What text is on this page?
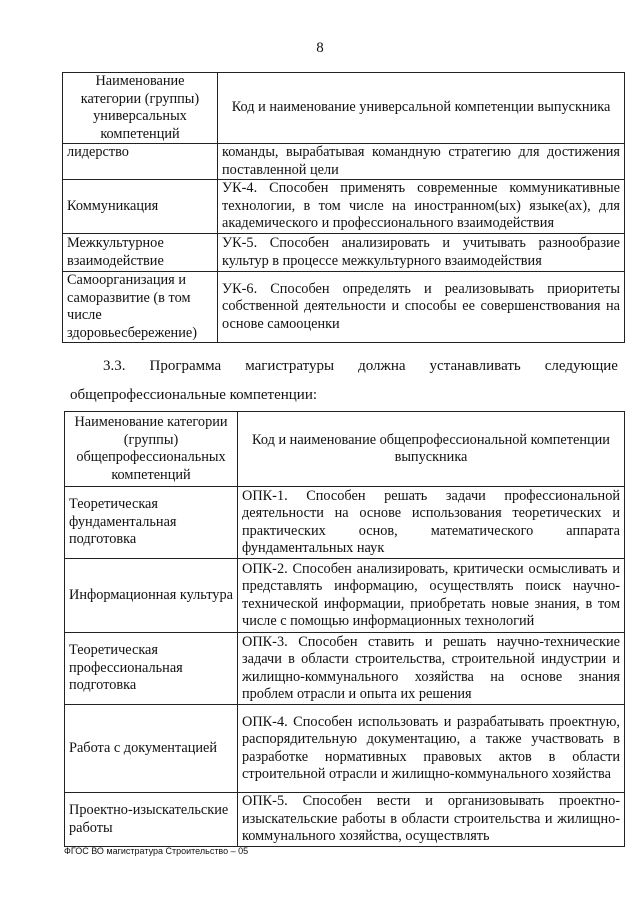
8
Наименование категории (группы) универсальных компетенций	Код и наименование универсальной компетенции выпускника
лидерство	команды, вырабатывая командную стратегию для достижения поставленной цели
Коммуникация	УК-4. Способен применять современные коммуникативные технологии, в том числе на иностранном(ых) языке(ах), для академического и профессионального взаимодействия
Межкультурное взаимодействие	УК-5. Способен анализировать и учитывать разнообразие культур в процессе межкультурного взаимодействия
Самоорганизация и саморазвитие (в том числе здоровьесбережение)	УК-6. Способен определять и реализовывать приоритеты собственной деятельности и способы ее совершенствования на основе самооценки
3.3. Программа магистратуры должна устанавливать следующие
общепрофессиональные компетенции:
Наименование категории (группы) общепрофессиональных компетенций	Код и наименование общепрофессиональной компетенции выпускника
Теоретическая фундаментальная подготовка	ОПК-1. Способен решать задачи профессиональной деятельности на основе использования теоретических и практических основ, математического аппарата фундаментальных наук
Информационная культура	ОПК-2. Способен анализировать, критически осмысливать и представлять информацию, осуществлять поиск научно-технической информации, приобретать новые знания, в том числе с помощью информационных технологий
Теоретическая профессиональная подготовка	ОПК-3. Способен ставить и решать научно-технические задачи в области строительства, строительной индустрии и жилищно-коммунального хозяйства на основе знания проблем отрасли и опыта их решения
Работа с документацией	ОПК-4. Способен использовать и разрабатывать проектную, распорядительную документацию, а также участвовать в разработке нормативных правовых актов в области строительной отрасли и жилищно-коммунального хозяйства
Проектно-изыскательские работы	ОПК-5. Способен вести и организовывать проектно-изыскательские работы в области строительства и жилищно-коммунального хозяйства, осуществлять
ФГОС ВО магистратура Строительство – 05
